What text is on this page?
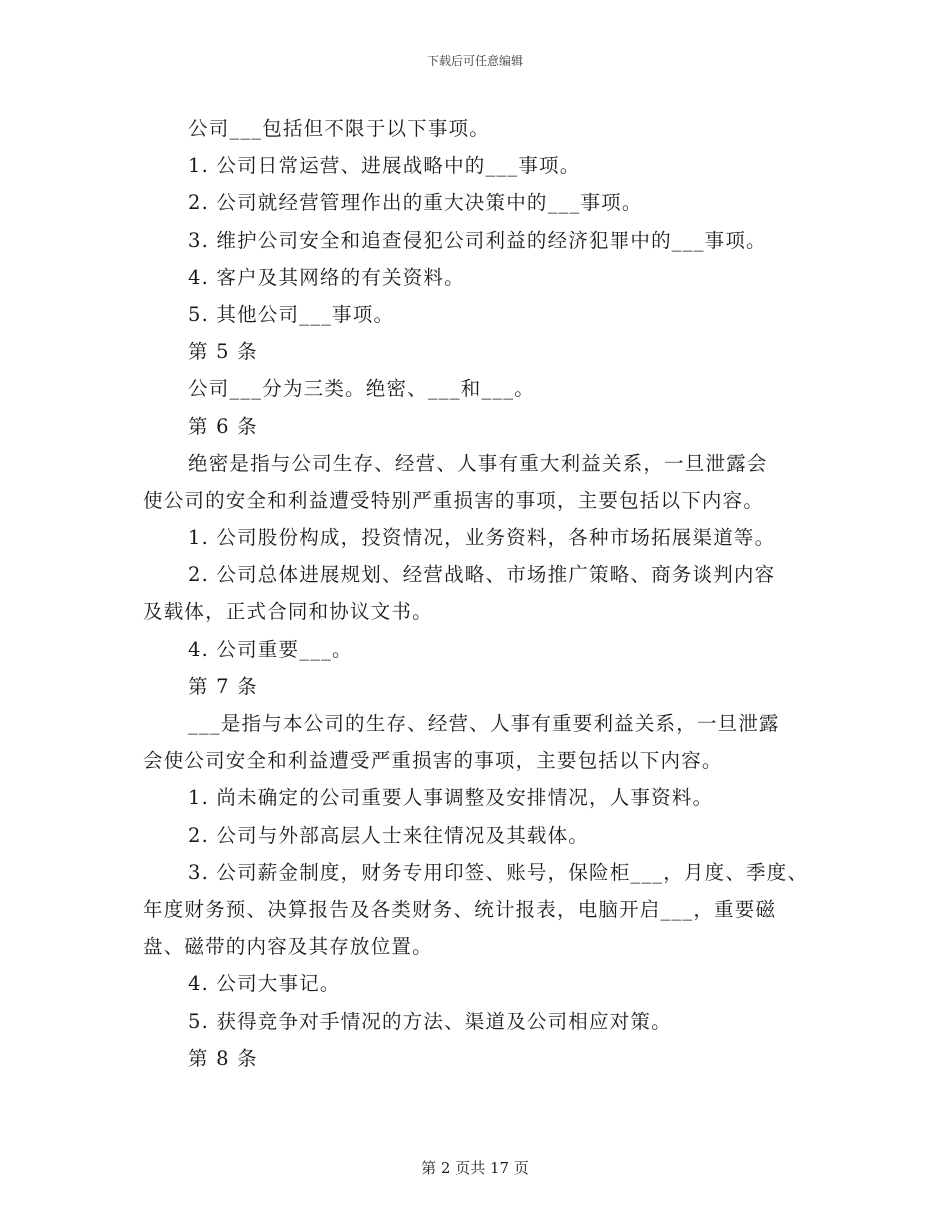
下载后可任意编辑
公司___包括但不限于以下事项。
1. 公司日常运营、进展战略中的___事项。
2. 公司就经营管理作出的重大决策中的___事项。
3. 维护公司安全和追查侵犯公司利益的经济犯罪中的___事项。
4. 客户及其网络的有关资料。
5. 其他公司___事项。
第 5 条
公司___分为三类。绝密、___和___。
第 6 条
绝密是指与公司生存、经营、人事有重大利益关系，一旦泄露会
使公司的安全和利益遭受特别严重损害的事项，主要包括以下内容。
1. 公司股份构成，投资情况，业务资料，各种市场拓展渠道等。
2. 公司总体进展规划、经营战略、市场推广策略、商务谈判内容
及载体，正式合同和协议文书。
4. 公司重要___。
第 7 条
___是指与本公司的生存、经营、人事有重要利益关系，一旦泄露
会使公司安全和利益遭受严重损害的事项，主要包括以下内容。
1. 尚未确定的公司重要人事调整及安排情况，人事资料。
2. 公司与外部高层人士来往情况及其载体。
3. 公司薪金制度，财务专用印签、账号，保险柜___，月度、季度、
年度财务预、决算报告及各类财务、统计报表，电脑开启___，重要磁
盘、磁带的内容及其存放位置。
4. 公司大事记。
5. 获得竞争对手情况的方法、渠道及公司相应对策。
第 8 条
第 2 页共 17 页
